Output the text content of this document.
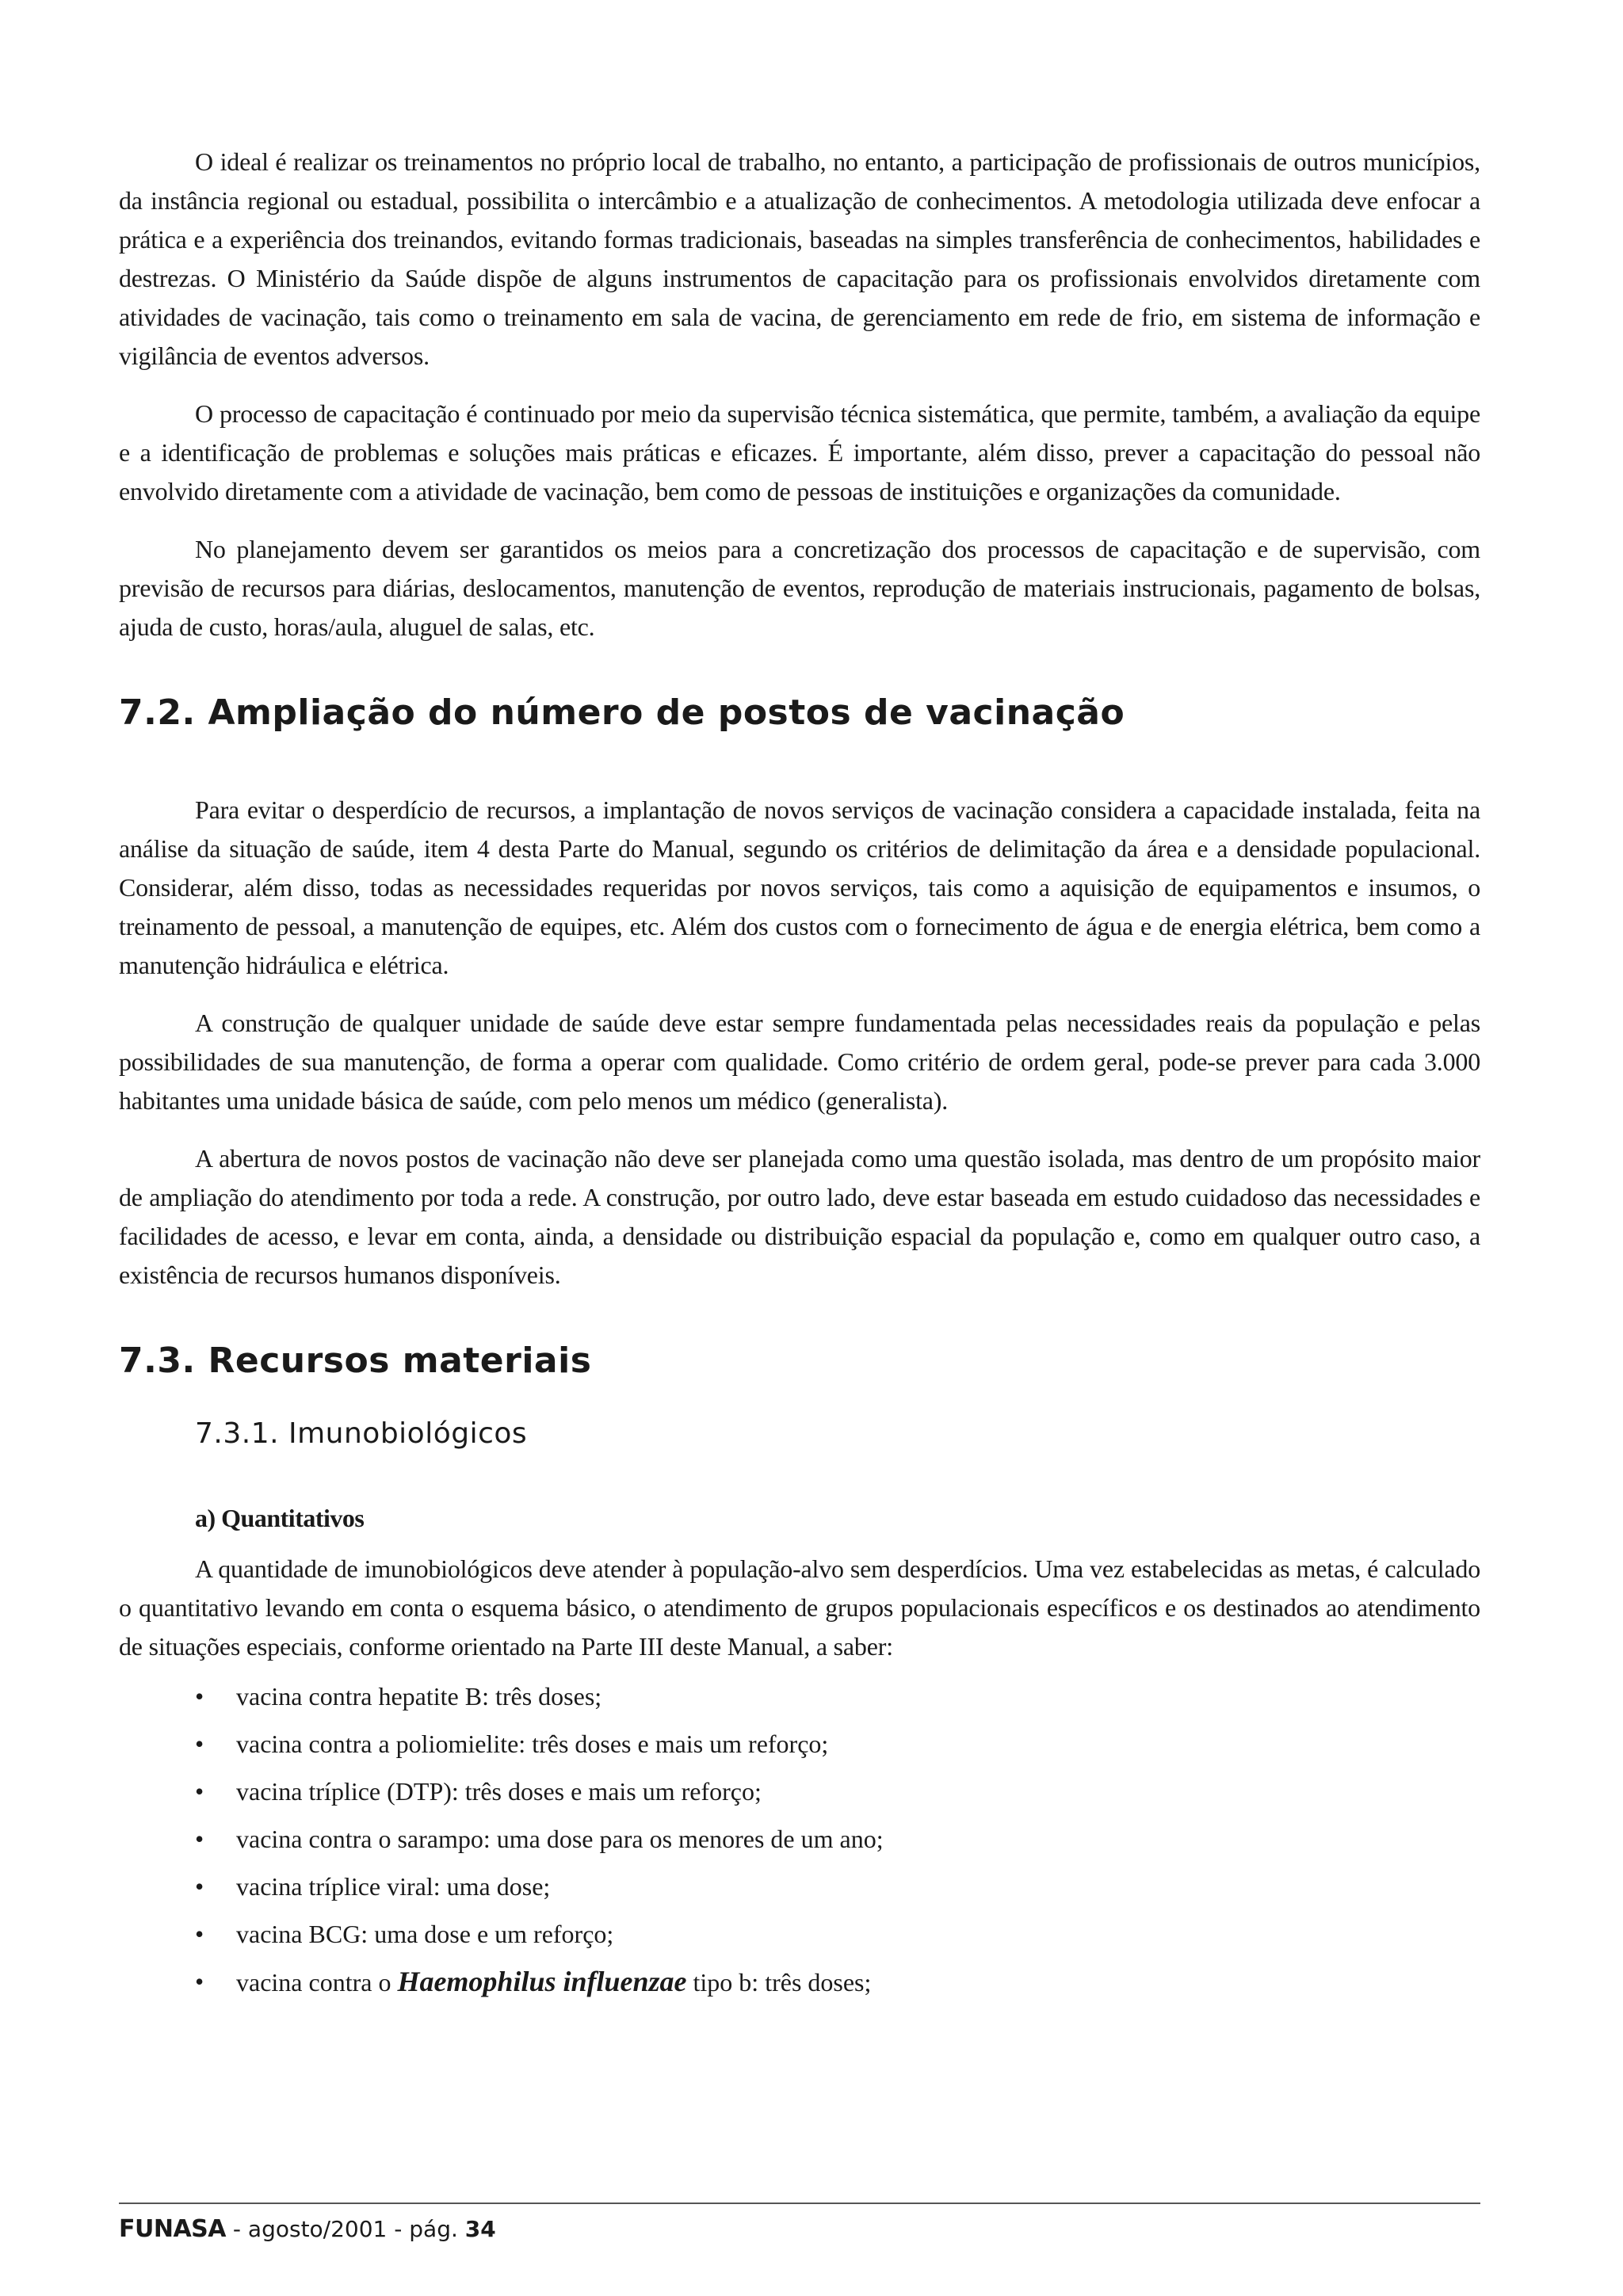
O ideal é realizar os treinamentos no próprio local de trabalho, no entanto, a participação de profissionais de outros municípios, da instância regional ou estadual, possibilita o intercâmbio e a atualização de conhecimentos. A metodologia utilizada deve enfocar a prática e a experiência dos treinandos, evitando formas tradicionais, baseadas na simples transferência de conhecimentos, habilidades e destrezas. O Ministério da Saúde dispõe de alguns instrumentos de capacitação para os profissionais envolvidos diretamente com atividades de vacinação, tais como o treinamento em sala de vacina, de gerenciamento em rede de frio, em sistema de informação e vigilância de eventos adversos.

O processo de capacitação é continuado por meio da supervisão técnica sistemática, que permite, também, a avaliação da equipe e a identificação de problemas e soluções mais práticas e eficazes. É importante, além disso, prever a capacitação do pessoal não envolvido diretamente com a atividade de vacinação, bem como de pessoas de instituições e organizações da comunidade.

No planejamento devem ser garantidos os meios para a concretização dos processos de capacitação e de supervisão, com previsão de recursos para diárias, deslocamentos, manutenção de eventos, reprodução de materiais instrucionais, pagamento de bolsas, ajuda de custo, horas/aula, aluguel de salas, etc.

7.2. Ampliação do número de postos de vacinação

Para evitar o desperdício de recursos, a implantação de novos serviços de vacinação considera a capacidade instalada, feita na análise da situação de saúde, item 4 desta Parte do Manual, segundo os critérios de delimitação da área e a densidade populacional. Considerar, além disso, todas as necessidades requeridas por novos serviços, tais como a aquisição de equipamentos e insumos, o treinamento de pessoal, a manutenção de equipes, etc. Além dos custos com o fornecimento de água e de energia elétrica, bem como a manutenção hidráulica e elétrica.

A construção de qualquer unidade de saúde deve estar sempre fundamentada pelas necessidades reais da população e pelas possibilidades de sua manutenção, de forma a operar com qualidade. Como critério de ordem geral, pode-se prever para cada 3.000 habitantes uma unidade básica de saúde, com pelo menos um médico (generalista).

A abertura de novos postos de vacinação não deve ser planejada como uma questão isolada, mas dentro de um propósito maior de ampliação do atendimento por toda a rede. A construção, por outro lado, deve estar baseada em estudo cuidadoso das necessidades e facilidades de acesso, e levar em conta, ainda, a densidade ou distribuição espacial da população e, como em qualquer outro caso, a existência de recursos humanos disponíveis.

7.3. Recursos materiais
7.3.1. Imunobiológicos
a) Quantitativos

A quantidade de imunobiológicos deve atender à população-alvo sem desperdícios. Uma vez estabelecidas as metas, é calculado o quantitativo levando em conta o esquema básico, o atendimento de grupos populacionais específicos e os destinados ao atendimento de situações especiais, conforme orientado na Parte III deste Manual, a saber:

• vacina contra hepatite B: três doses;
• vacina contra a poliomielite: três doses e mais um reforço;
• vacina tríplice (DTP): três doses e mais um reforço;
• vacina contra o sarampo: uma dose para os menores de um ano;
• vacina tríplice viral: uma dose;
• vacina BCG: uma dose e um reforço;
• vacina contra o Haemophilus influenzae tipo b: três doses;
FUNASA - agosto/2001 - pág. 34
